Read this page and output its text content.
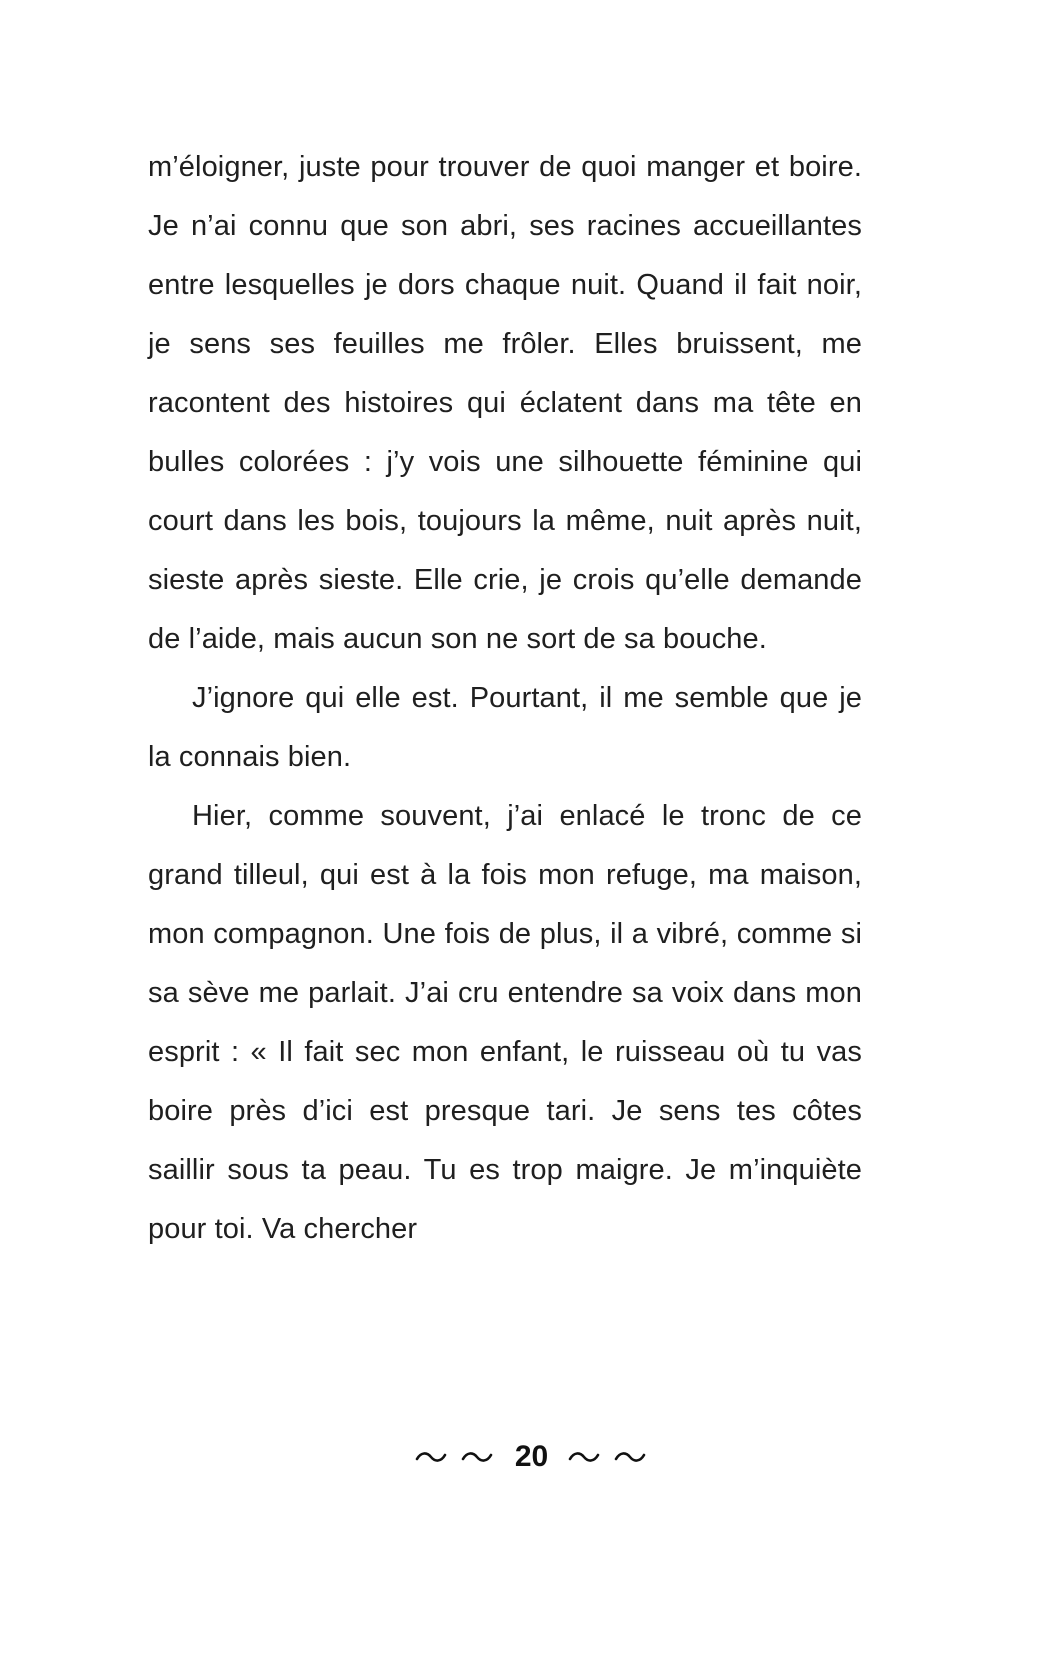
m’éloigner, juste pour trouver de quoi manger et boire. Je n’ai connu que son abri, ses racines accueillantes entre lesquelles je dors chaque nuit. Quand il fait noir, je sens ses feuilles me frôler. Elles bruissent, me racontent des histoires qui éclatent dans ma tête en bulles colorées : j’y vois une silhouette féminine qui court dans les bois, toujours la même, nuit après nuit, sieste après sieste. Elle crie, je crois qu’elle demande de l’aide, mais aucun son ne sort de sa bouche.

J’ignore qui elle est. Pourtant, il me semble que je la connais bien.

Hier, comme souvent, j’ai enlacé le tronc de ce grand tilleul, qui est à la fois mon refuge, ma maison, mon compagnon. Une fois de plus, il a vibré, comme si sa sève me parlait. J’ai cru entendre sa voix dans mon esprit : « Il fait sec mon enfant, le ruisseau où tu vas boire près d’ici est presque tari. Je sens tes côtes saillir sous ta peau. Tu es trop maigre. Je m’inquiète pour toi. Va chercher

20
